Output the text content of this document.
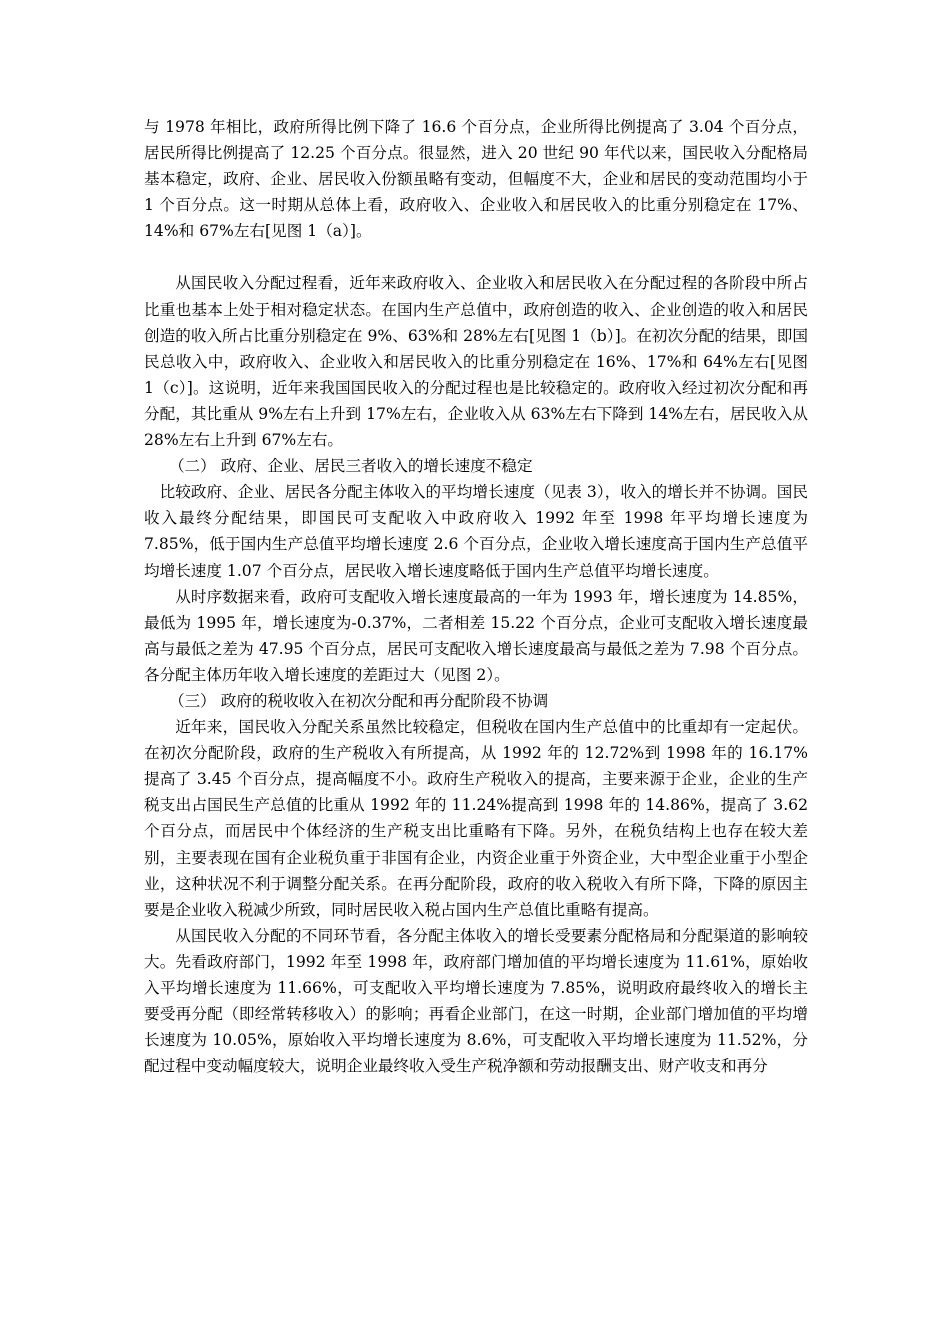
与 1978 年相比，政府所得比例下降了 16.6 个百分点，企业所得比例提高了 3.04 个百分点，居民所得比例提高了 12.25 个百分点。很显然，进入 20 世纪 90 年代以来，国民收入分配格局基本稳定，政府、企业、居民收入份额虽略有变动，但幅度不大，企业和居民的变动范围均小于 1 个百分点。这一时期从总体上看，政府收入、企业收入和居民收入的比重分别稳定在 17%、14%和 67%左右[见图 1（a）]。

从国民收入分配过程看，近年来政府收入、企业收入和居民收入在分配过程的各阶段中所占比重也基本上处于相对稳定状态。在国内生产总值中，政府创造的收入、企业创造的收入和居民创造的收入所占比重分别稳定在 9%、63%和 28%左右[见图 1（b）]。在初次分配的结果，即国民总收入中，政府收入、企业收入和居民收入的比重分别稳定在 16%、17%和 64%左右[见图 1（c）]。这说明，近年来我国国民收入的分配过程也是比较稳定的。政府收入经过初次分配和再分配，其比重从 9%左右上升到 17%左右，企业收入从 63%左右下降到 14%左右，居民收入从 28%左右上升到 67%左右。

（二） 政府、企业、居民三者收入的增长速度不稳定

比较政府、企业、居民各分配主体收入的平均增长速度（见表 3），收入的增长并不协调。国民收入最终分配结果，即国民可支配收入中政府收入 1992 年至 1998 年平均增长速度为 7.85%，低于国内生产总值平均增长速度 2.6 个百分点，企业收入增长速度高于国内生产总值平均增长速度 1.07 个百分点，居民收入增长速度略低于国内生产总值平均增长速度。

从时序数据来看，政府可支配收入增长速度最高的一年为 1993 年，增长速度为 14.85%，最低为 1995 年，增长速度为-0.37%，二者相差 15.22 个百分点，企业可支配收入增长速度最高与最低之差为 47.95 个百分点，居民可支配收入增长速度最高与最低之差为 7.98 个百分点。各分配主体历年收入增长速度的差距过大（见图 2）。

（三） 政府的税收收入在初次分配和再分配阶段不协调

近年来，国民收入分配关系虽然比较稳定，但税收在国内生产总值中的比重却有一定起伏。在初次分配阶段，政府的生产税收入有所提高，从 1992 年的 12.72%到 1998 年的 16.17% 提高了 3.45 个百分点，提高幅度不小。政府生产税收入的提高，主要来源于企业，企业的生产税支出占国民生产总值的比重从 1992 年的 11.24%提高到 1998 年的 14.86%，提高了 3.62 个百分点，而居民中个体经济的生产税支出比重略有下降。另外，在税负结构上也存在较大差别，主要表现在国有企业税负重于非国有企业，内资企业重于外资企业，大中型企业重于小型企业，这种状况不利于调整分配关系。在再分配阶段，政府的收入税收入有所下降，下降的原因主要是企业收入税减少所致，同时居民收入税占国内生产总值比重略有提高。

从国民收入分配的不同环节看，各分配主体收入的增长受要素分配格局和分配渠道的影响较大。先看政府部门，1992 年至 1998 年，政府部门增加值的平均增长速度为 11.61%，原始收入平均增长速度为 11.66%，可支配收入平均增长速度为 7.85%，说明政府最终收入的增长主要受再分配（即经常转移收入）的影响；再看企业部门，在这一时期，企业部门增加值的平均增长速度为 10.05%，原始收入平均增长速度为 8.6%，可支配收入平均增长速度为 11.52%，分配过程中变动幅度较大，说明企业最终收入受生产税净额和劳动报酬支出、财产收支和再分
